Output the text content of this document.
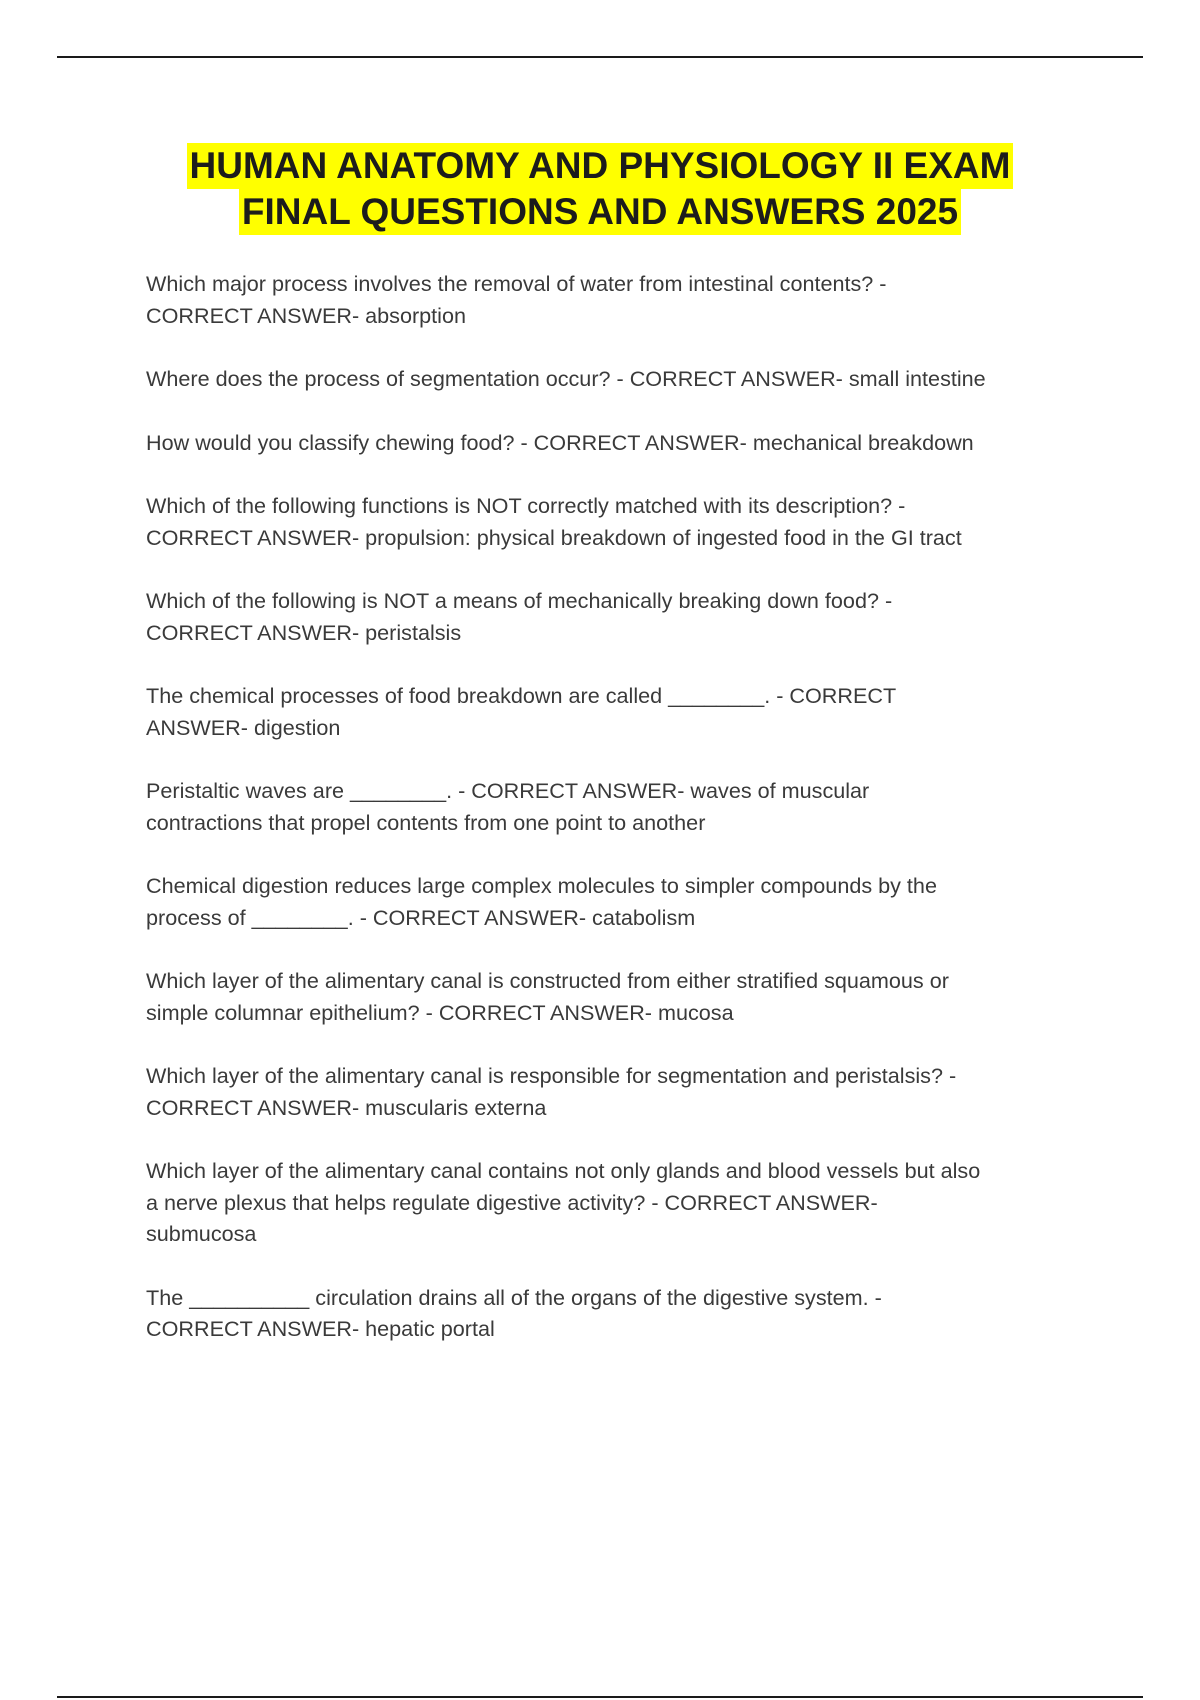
HUMAN ANATOMY AND PHYSIOLOGY II EXAM
FINAL QUESTIONS AND ANSWERS 2025

Which major process involves the removal of water from intestinal contents? -
CORRECT ANSWER- absorption

Where does the process of segmentation occur? - CORRECT ANSWER- small intestine

How would you classify chewing food? - CORRECT ANSWER- mechanical breakdown

Which of the following functions is NOT correctly matched with its description? -
CORRECT ANSWER- propulsion: physical breakdown of ingested food in the GI tract

Which of the following is NOT a means of mechanically breaking down food? -
CORRECT ANSWER- peristalsis

The chemical processes of food breakdown are called ________. - CORRECT
ANSWER- digestion

Peristaltic waves are ________. - CORRECT ANSWER- waves of muscular
contractions that propel contents from one point to another

Chemical digestion reduces large complex molecules to simpler compounds by the
process of ________. - CORRECT ANSWER- catabolism

Which layer of the alimentary canal is constructed from either stratified squamous or
simple columnar epithelium? - CORRECT ANSWER- mucosa

Which layer of the alimentary canal is responsible for segmentation and peristalsis? -
CORRECT ANSWER- muscularis externa

Which layer of the alimentary canal contains not only glands and blood vessels but also
a nerve plexus that helps regulate digestive activity? - CORRECT ANSWER-
submucosa

The __________ circulation drains all of the organs of the digestive system. -
CORRECT ANSWER- hepatic portal
